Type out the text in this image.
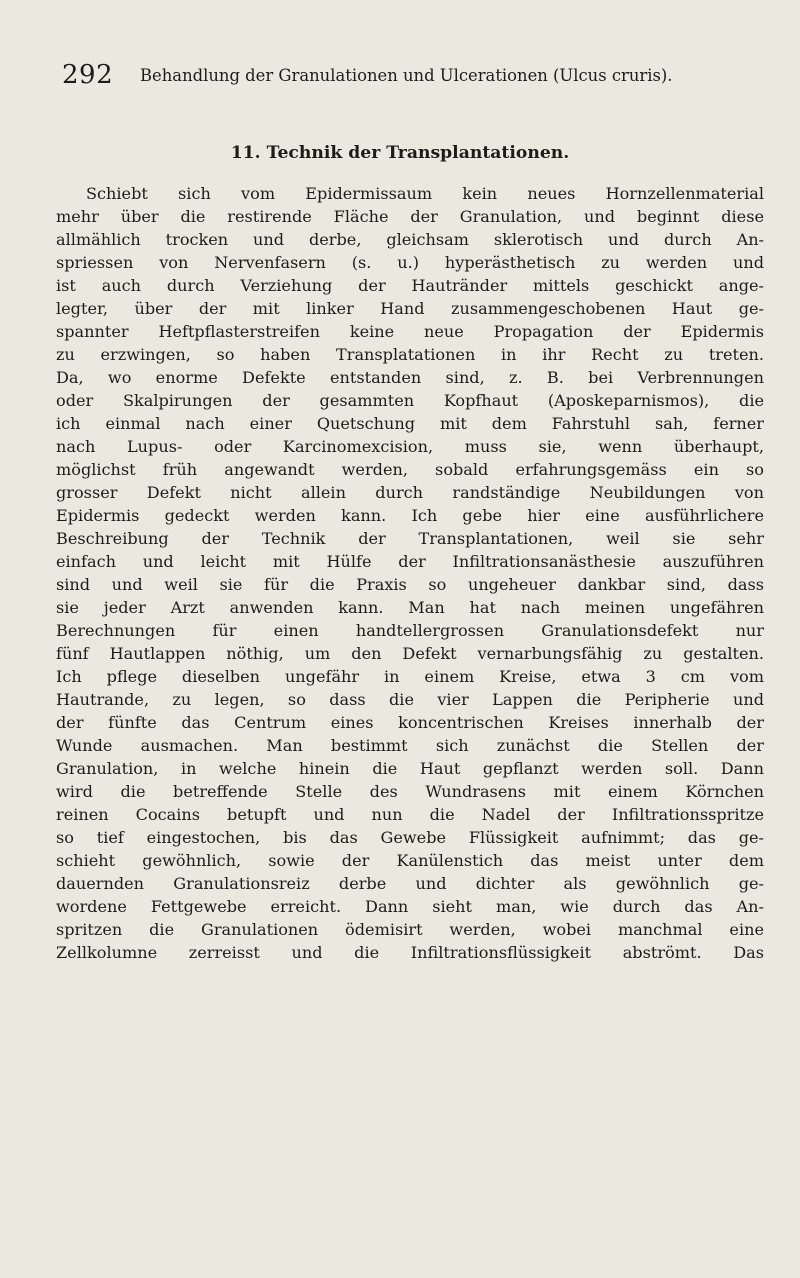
292 Behandlung der Granulationen und Ulcerationen (Ulcus cruris).
11. Technik der Transplantationen.
Schiebt sich vom Epidermissaum kein neues Hornzellenmaterial
mehr über die restirende Fläche der Granulation, und beginnt diese
allmählich trocken und derbe, gleichsam sklerotisch und durch An-
spriessen von Nervenfasern (s. u.) hyperästhetisch zu werden und
ist auch durch Verziehung der Hautränder mittels geschickt ange-
legter, über der mit linker Hand zusammengeschobenen Haut ge-
spannter Heftpflasterstreifen keine neue Propagation der Epidermis
zu erzwingen, so haben Transplatationen in ihr Recht zu treten.
Da, wo enorme Defekte entstanden sind, z. B. bei Verbrennungen
oder Skalpirungen der gesammten Kopfhaut (Aposkeparnismos), die
ich einmal nach einer Quetschung mit dem Fahrstuhl sah, ferner
nach Lupus- oder Karcinomexcision, muss sie, wenn überhaupt,
möglichst früh angewandt werden, sobald erfahrungsgemäss ein so
grosser Defekt nicht allein durch randständige Neubildungen von
Epidermis gedeckt werden kann. Ich gebe hier eine ausführlichere
Beschreibung der Technik der Transplantationen, weil sie sehr
einfach und leicht mit Hülfe der Infiltrationsanästhesie auszuführen
sind und weil sie für die Praxis so ungeheuer dankbar sind, dass
sie jeder Arzt anwenden kann. Man hat nach meinen ungefähren
Berechnungen für einen handtellergrossen Granulationsdefekt nur
fünf Hautlappen nöthig, um den Defekt vernarbungsfähig zu gestalten.
Ich pflege dieselben ungefähr in einem Kreise, etwa 3 cm vom
Hautrande, zu legen, so dass die vier Lappen die Peripherie und
der fünfte das Centrum eines koncentrischen Kreises innerhalb der
Wunde ausmachen. Man bestimmt sich zunächst die Stellen der
Granulation, in welche hinein die Haut gepflanzt werden soll. Dann
wird die betreffende Stelle des Wundrasens mit einem Körnchen
reinen Cocains betupft und nun die Nadel der Infiltrationsspritze
so tief eingestochen, bis das Gewebe Flüssigkeit aufnimmt; das ge-
schieht gewöhnlich, sowie der Kanülenstich das meist unter dem
dauernden Granulationsreiz derbe und dichter als gewöhnlich ge-
wordene Fettgewebe erreicht. Dann sieht man, wie durch das An-
spritzen die Granulationen ödemisirt werden, wobei manchmal eine
Zellkolumne zerreisst und die Infiltrationsflüssigkeit abströmt. Das
